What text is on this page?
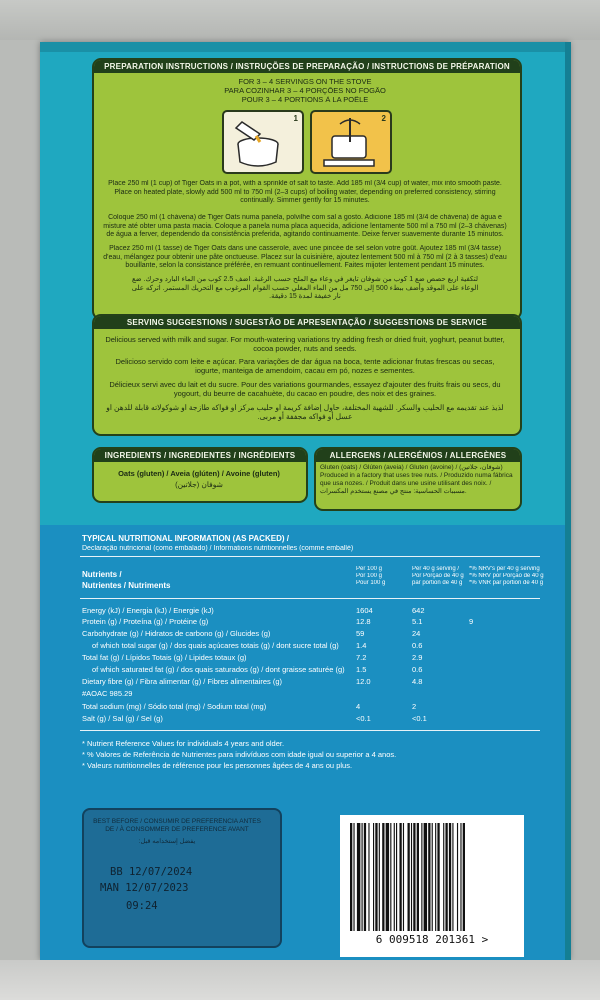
PREPARATION INSTRUCTIONS / INSTRUÇÕES DE PREPARAÇÃO / INSTRUCTIONS DE PRÉPARATION
FOR 3 – 4 SERVINGS ON THE STOVE
PARA COZINHAR 3 – 4 PORÇÕES NO FOGÃO
POUR 3 – 4 PORTIONS À LA POÊLE
1	2
Place 250 ml (1 cup) of Tiger Oats in a pot, with a sprinkle of salt to taste. Add 185 ml (3/4 cup) of water, mix into smooth paste. Place on heated plate, slowly add 500 ml to 750 ml (2–3 cups) of boiling water, depending on preferred consistency, stirring continually. Simmer gently for 15 minutes.
Coloque 250 ml (1 chávena) de Tiger Oats numa panela, polvilhe com sal a gosto. Adicione 185 ml (3/4 de chávena) de água e misture até obter uma pasta macia. Coloque a panela numa placa aquecida, adicione lentamente 500 ml a 750 ml (2–3 chávenas) de água a ferver, dependendo da consistência preferida, agitando continuamente. Deixe ferver suavemente durante 15 minutos.
Placez 250 ml (1 tasse) de Tiger Oats dans une casserole, avec une pincée de sel selon votre goût. Ajoutez 185 ml (3/4 tasse) d'eau, mélangez pour obtenir une pâte onctueuse. Placez sur la cuisinière, ajoutez lentement 500 ml à 750 ml (2 à 3 tasses) d'eau bouillante, selon la consistance préférée, en remuant continuellement. Faites mijoter lentement pendant 15 minutes.
لتكفية أربع حصص ضع 1 كوب من شوفان تايغر في وعاء مع الملح حسب الرغبة. أضف 2.5 كوب من الماء البارد وحرك. ضع الوعاء على الموقد وأضف ببطء 500 إلى 750 مل من الماء المغلي حسب القوام المرغوب مع التحريك المستمر. اتركه على نار خفيفة لمدة 15 دقيقة.
SERVING SUGGESTIONS / SUGESTÃO DE APRESENTAÇÃO / SUGGESTIONS DE SERVICE
Delicious served with milk and sugar. For mouth-watering variations try adding fresh or dried fruit, yoghurt, peanut butter, cocoa powder, nuts and seeds.
Delicioso servido com leite e açúcar. Para variações de dar água na boca, tente adicionar frutas frescas ou secas, iogurte, manteiga de amendoim, cacau em pó, nozes e sementes.
Délicieux servi avec du lait et du sucre. Pour des variations gourmandes, essayez d'ajouter des fruits frais ou secs, du yogourt, du beurre de cacahuète, du cacao en poudre, des noix et des graines.
لذيذ عند تقديمه مع الحليب والسكر. للشهية المختلفة، حاول إضافة كريمة أو حليب مركز أو فواكه طازجة أو شوكولاته قابلة للدهن أو عسل أو فواكه مجففة أو مربى.
INGREDIENTS / INGREDIENTES / INGRÉDIENTS
Oats (gluten) / Aveia (glúten) / Avoine (gluten)
شوفان (جلاتين)
ALLERGENS / ALERGÉNIOS / ALLERGÈNES
Gluten (oats) / Glúten (aveia) / Gluten (avoine) / (شوفان، جلاتين) Produced in a factory that uses tree nuts. / Produzido numa fábrica que usa nozes. / Produit dans une usine utilisant des noix. / مسببات الحساسية: منتج في مصنع يستخدم المكسرات.
TYPICAL NUTRITIONAL INFORMATION (AS PACKED) /
Declaração nutricional (como embalado) / Informations nutritionnelles (comme emballé)
Nutrients /
Nutrientes / Nutriments
Per 100 g
Por 100 g
Pour 100 g
Per 40 g serving /
Por Porção de 40 g
par portion de 40 g
*% NRV's per 40 g serving
*% NRV por Porção de 40 g
*% VNR par portion de 40 g
Energy (kJ) / Energia (kJ) / Energie (kJ)	1604	642
Protein (g) / Proteína (g) / Protéine (g)	12.8	5.1	9
Carbohydrate (g) / Hidratos de carbono (g) / Glucides (g)	59	24
of which total sugar (g) / dos quais açúcares totais (g) / dont sucre total (g) 1.4	0.6
Total fat (g) / Lípidos Totais (g) / Lipides totaux (g)	7.2	2.9
of which saturated fat (g) / dos quais saturados (g) / dont graisse saturée (g) 1.5	0.6
Dietary fibre (g) / Fibra alimentar (g) / Fibres alimentaires (g)	12.0	4.8
#AOAC 985.29
Total sodium (mg) / Sódio total (mg) / Sodium total (mg)	4	2
Salt (g) / Sal (g) / Sel (g)	<0.1	<0.1
* Nutrient Reference Values for individuals 4 years and older.
* % Valores de Referência de Nutrientes para indivíduos com idade igual ou superior a 4 anos.
* Valeurs nutritionnelles de référence pour les personnes âgées de 4 ans ou plus.
BEST BEFORE / CONSUMIR DE PREFERÊNCIA ANTES DE / À CONSOMMER DE PREFERENCE AVANT
يفضل إستخدامه قبل:
BB 12/07/2024
MAN 12/07/2023
09:24
6 009518 201361 >
